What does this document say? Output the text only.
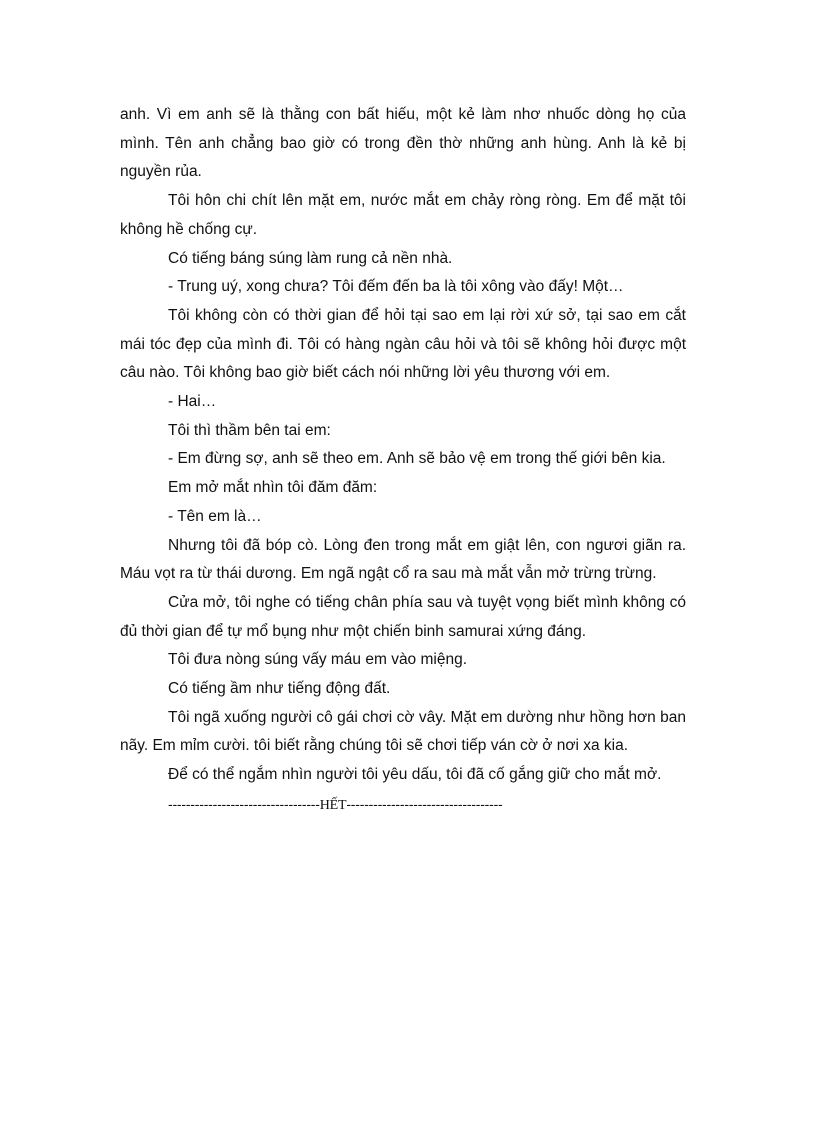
anh. Vì em anh sẽ là thằng con bất hiếu, một kẻ làm nhơ nhuốc dòng họ của mình. Tên anh chẳng bao giờ có trong đền thờ những anh hùng. Anh là kẻ bị nguyền rủa.

Tôi hôn chi chít lên mặt em, nước mắt em chảy ròng ròng. Em để mặt tôi không hề chống cự.

Có tiếng báng súng làm rung cả nền nhà.

- Trung uý, xong chưa? Tôi đếm đến ba là tôi xông vào đấy! Một…

Tôi không còn có thời gian để hỏi tại sao em lại rời xứ sở, tại sao em cắt mái tóc đẹp của mình đi. Tôi có hàng ngàn câu hỏi và tôi sẽ không hỏi được một câu nào. Tôi không bao giờ biết cách nói những lời yêu thương với em.

- Hai…

Tôi thì thầm bên tai em:

- Em đừng sợ, anh sẽ theo em. Anh sẽ bảo vệ em trong thế giới bên kia.

Em mở mắt nhìn tôi đăm đăm:

- Tên em là…

Nhưng tôi đã bóp cò. Lòng đen trong mắt em giật lên, con ngươi giãn ra. Máu vọt ra từ thái dương. Em ngã ngật cổ ra sau mà mắt vẫn mở trừng trừng.

Cửa mở, tôi nghe có tiếng chân phía sau và tuyệt vọng biết mình không có đủ thời gian để tự mổ bụng như một chiến binh samurai xứng đáng.

Tôi đưa nòng súng vấy máu em vào miệng.

Có tiếng ầm như tiếng động đất.

Tôi ngã xuống người cô gái chơi cờ vây. Mặt em dường như hồng hơn ban nãy. Em mỉm cười. tôi biết rằng chúng tôi sẽ chơi tiếp ván cờ ở nơi xa kia.

Để có thể ngắm nhìn người tôi yêu dấu, tôi đã cố gắng giữ cho mắt mở.

----------------------------------HẾT-----------------------------------
